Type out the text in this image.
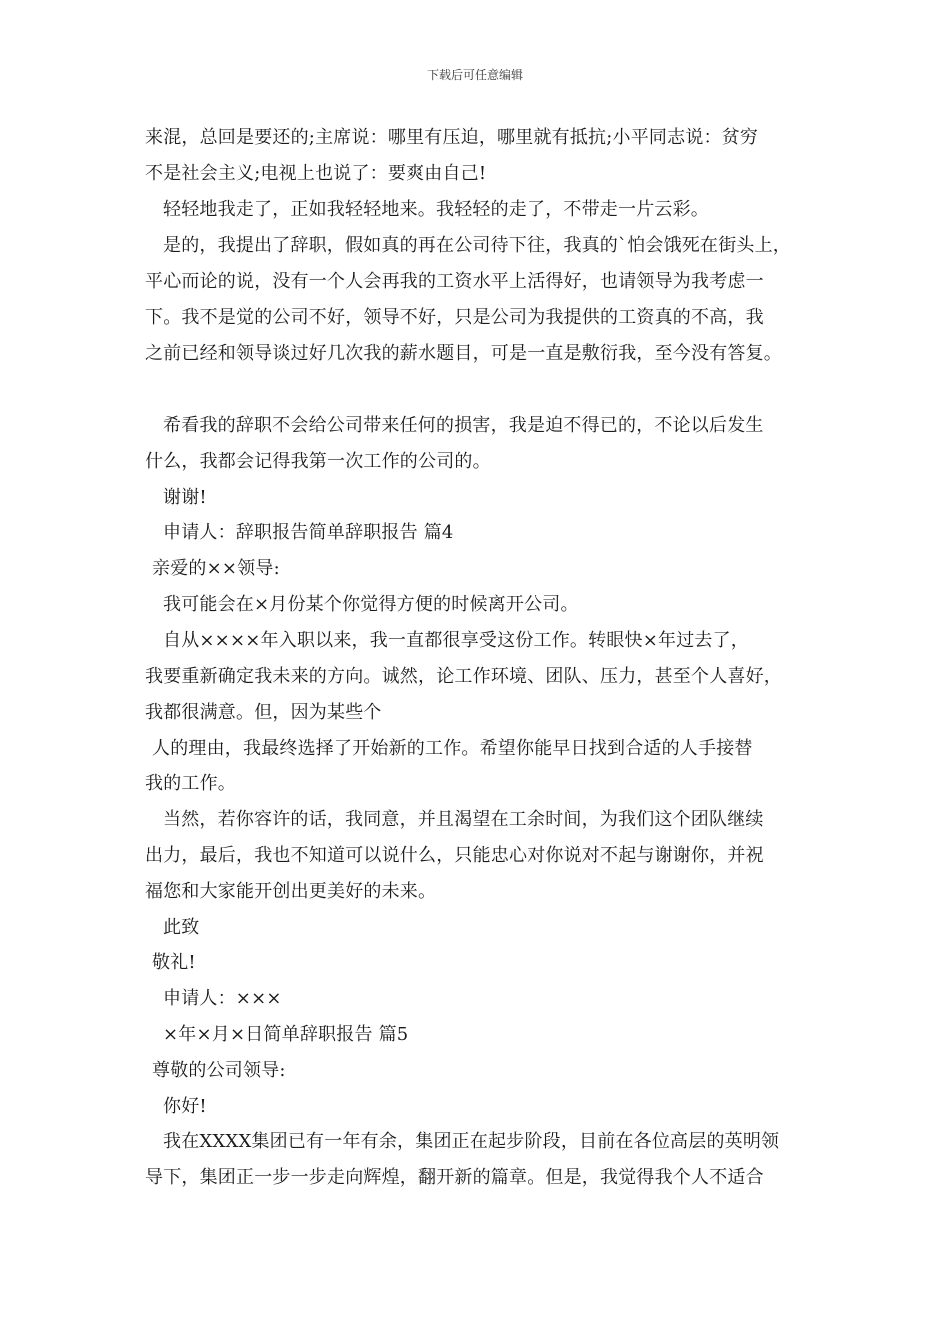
下载后可任意编辑
来混，总回是要还的;主席说：哪里有压迫，哪里就有抵抗;小平同志说：贫穷
不是社会主义;电视上也说了：要爽由自己!
轻轻地我走了，正如我轻轻地来。我轻轻的走了，不带走一片云彩。
是的，我提出了辞职，假如真的再在公司待下往，我真的`怕会饿死在街头上，
平心而论的说，没有一个人会再我的工资水平上活得好，也请领导为我考虑一
下。我不是觉的公司不好，领导不好，只是公司为我提供的工资真的不高，我
之前已经和领导谈过好几次我的薪水题目，可是一直是敷衍我，至今没有答复。
希看我的辞职不会给公司带来任何的损害，我是迫不得已的，不论以后发生
什么，我都会记得我第一次工作的公司的。
谢谢!
申请人：辞职报告简单辞职报告 篇4
亲爱的××领导:
我可能会在×月份某个你觉得方便的时候离开公司。
自从××××年入职以来，我一直都很享受这份工作。转眼快×年过去了，
我要重新确定我未来的方向。诚然，论工作环境、团队、压力，甚至个人喜好，
我都很满意。但，因为某些个
人的理由，我最终选择了开始新的工作。希望你能早日找到合适的人手接替
我的工作。
当然，若你容许的话，我同意，并且渴望在工余时间，为我们这个团队继续
出力，最后，我也不知道可以说什么，只能忠心对你说对不起与谢谢你，并祝
福您和大家能开创出更美好的未来。
此致
敬礼!
申请人：×××
×年×月×日简单辞职报告 篇5
尊敬的公司领导:
你好!
我在XXXX集团已有一年有余，集团正在起步阶段，目前在各位高层的英明领
导下，集团正一步一步走向辉煌，翻开新的篇章。但是，我觉得我个人不适合
